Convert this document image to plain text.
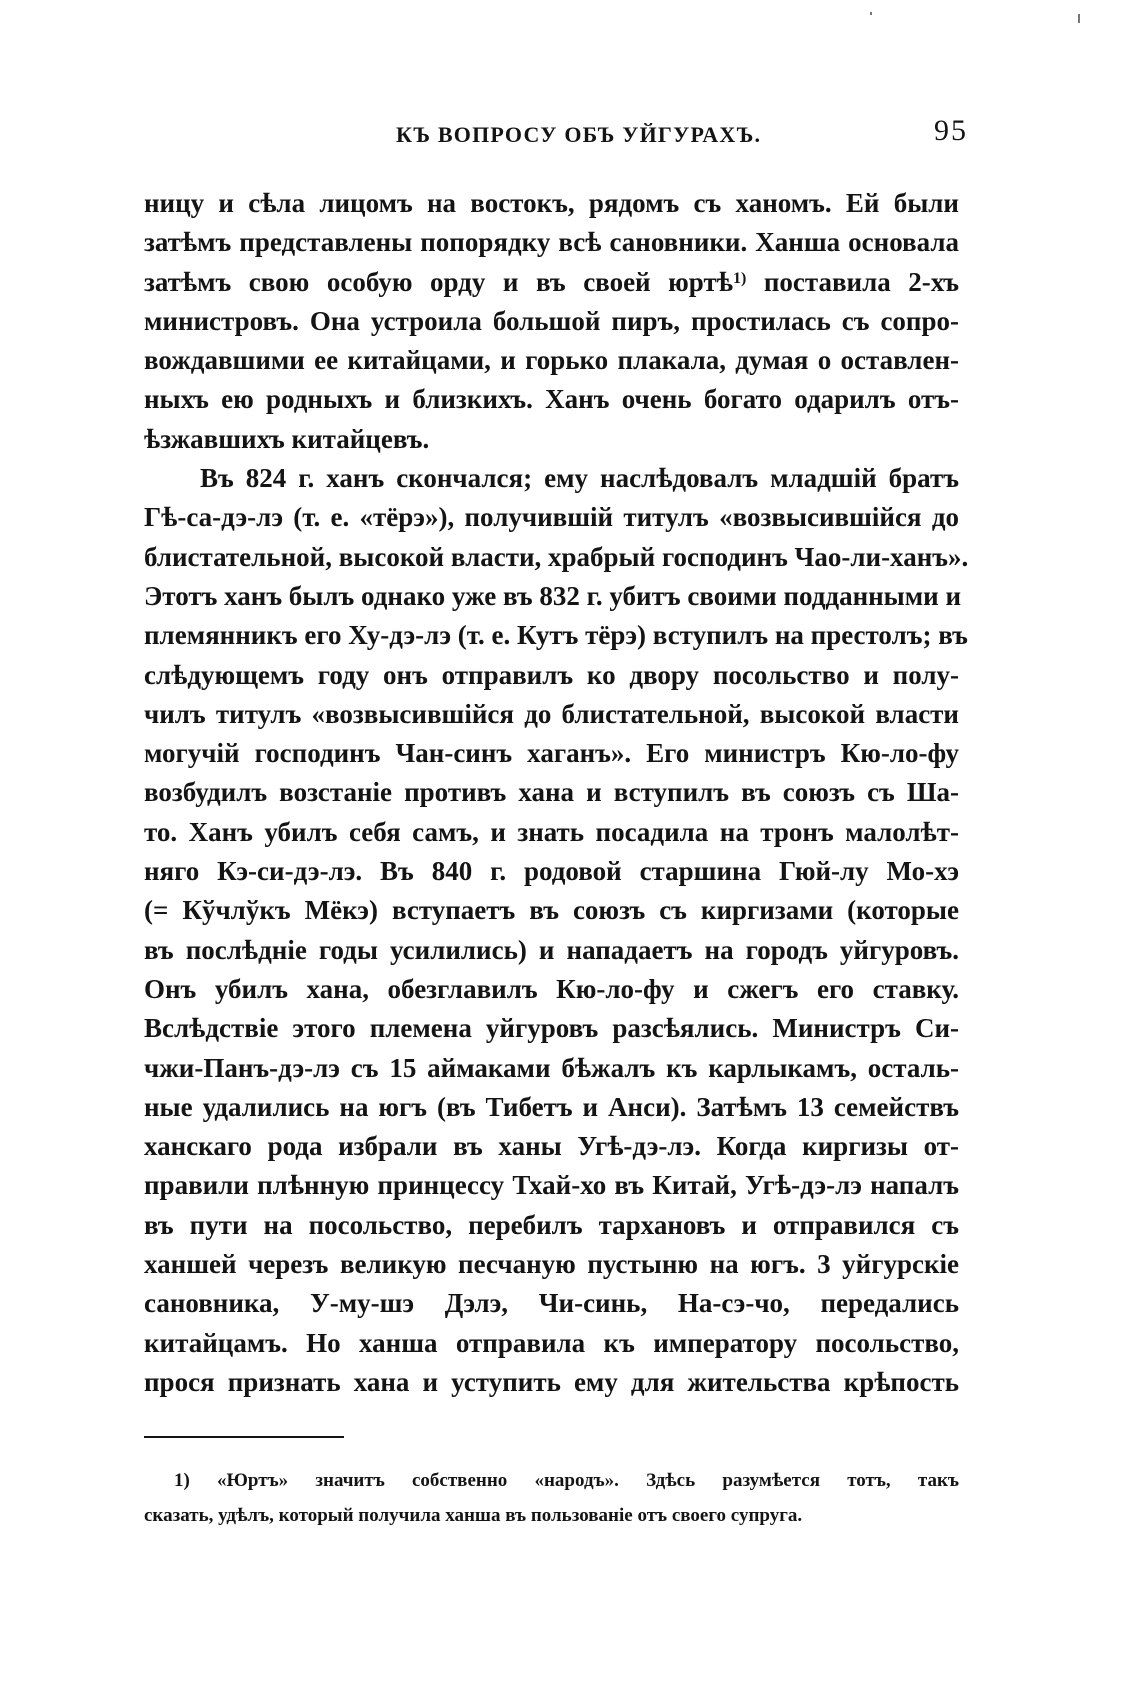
КЪ ВОПРОСУ ОБЪ УЙГУРАХЪ.	95
ницу и сѣла лицомъ на востокъ, рядомъ съ ханомъ. Ей были
затѣмъ представлены попорядку всѣ сановники. Ханша основала
затѣмъ свою особую орду и въ своей юртѣ$^{1)}$ поставила 2-хъ
министровъ. Она устроила большой пиръ, простилась съ сопро-
вождавшими ее китайцами, и горько плакала, думая о оставлен-
ныхъ ею родныхъ и близкихъ. Ханъ очень богато одарилъ отъ-
ѣзжавшихъ китайцевъ.
Въ 824 г. ханъ скончался; ему наслѣдовалъ младшій братъ
Гѣ-са-дэ-лэ (т. е. «тёрэ»), получившій титулъ «возвысившійся до
блистательной, высокой власти, храбрый господинъ Чао-ли-ханъ».
Этотъ ханъ былъ однако уже въ 832 г. убитъ своими подданными и
племянникъ его Ху-дэ-лэ (т. е. Кутъ тёрэ) вступилъ на престолъ; въ
слѣдующемъ году онъ отправилъ ко двору посольство и полу-
чилъ титулъ «возвысившійся до блистательной, высокой власти
могучій господинъ Чан-синъ хаганъ». Его министръ Кю-ло-фу
возбудилъ возстаніе противъ хана и вступилъ въ союзъ съ Ша-
то. Ханъ убилъ себя самъ, и знать посадила на тронъ малолѣт-
няго Кэ-си-дэ-лэ. Въ 840 г. родовой старшина Гюй-лу Мо-хэ
(= Кўчлўкъ Мёкэ) вступаетъ въ союзъ съ киргизами (которые
въ послѣдніе годы усилились) и нападаетъ на городъ уйгуровъ.
Онъ убилъ хана, обезглавилъ Кю-ло-фу и сжегъ его ставку.
Вслѣдствіе этого племена уйгуровъ разсѣялись. Министръ Си-
чжи-Панъ-дэ-лэ съ 15 аймаками бѣжалъ къ карлыкамъ, осталь-
ные удалились на югъ (въ Тибетъ и Анси). Затѣмъ 13 семействъ
ханскаго рода избрали въ ханы Угѣ-дэ-лэ. Когда киргизы от-
правили плѣнную принцессу Тхай-хо въ Китай, Угѣ-дэ-лэ напалъ
въ пути на посольство, перебилъ тархановъ и отправился съ
ханшей черезъ великую песчаную пустыню на югъ. 3 уйгурскіе
сановника, У-му-шэ Дэлэ, Чи-синь, На-сэ-чо, передались
китайцамъ. Но ханша отправила къ императору посольство,
прося признать хана и уступить ему для жительства крѣпость
1) «Юртъ» значитъ собственно «народъ». Здѣсь разумѣется тотъ, такъ
сказать, удѣлъ, который получила ханша въ пользованіе отъ своего супруга.
